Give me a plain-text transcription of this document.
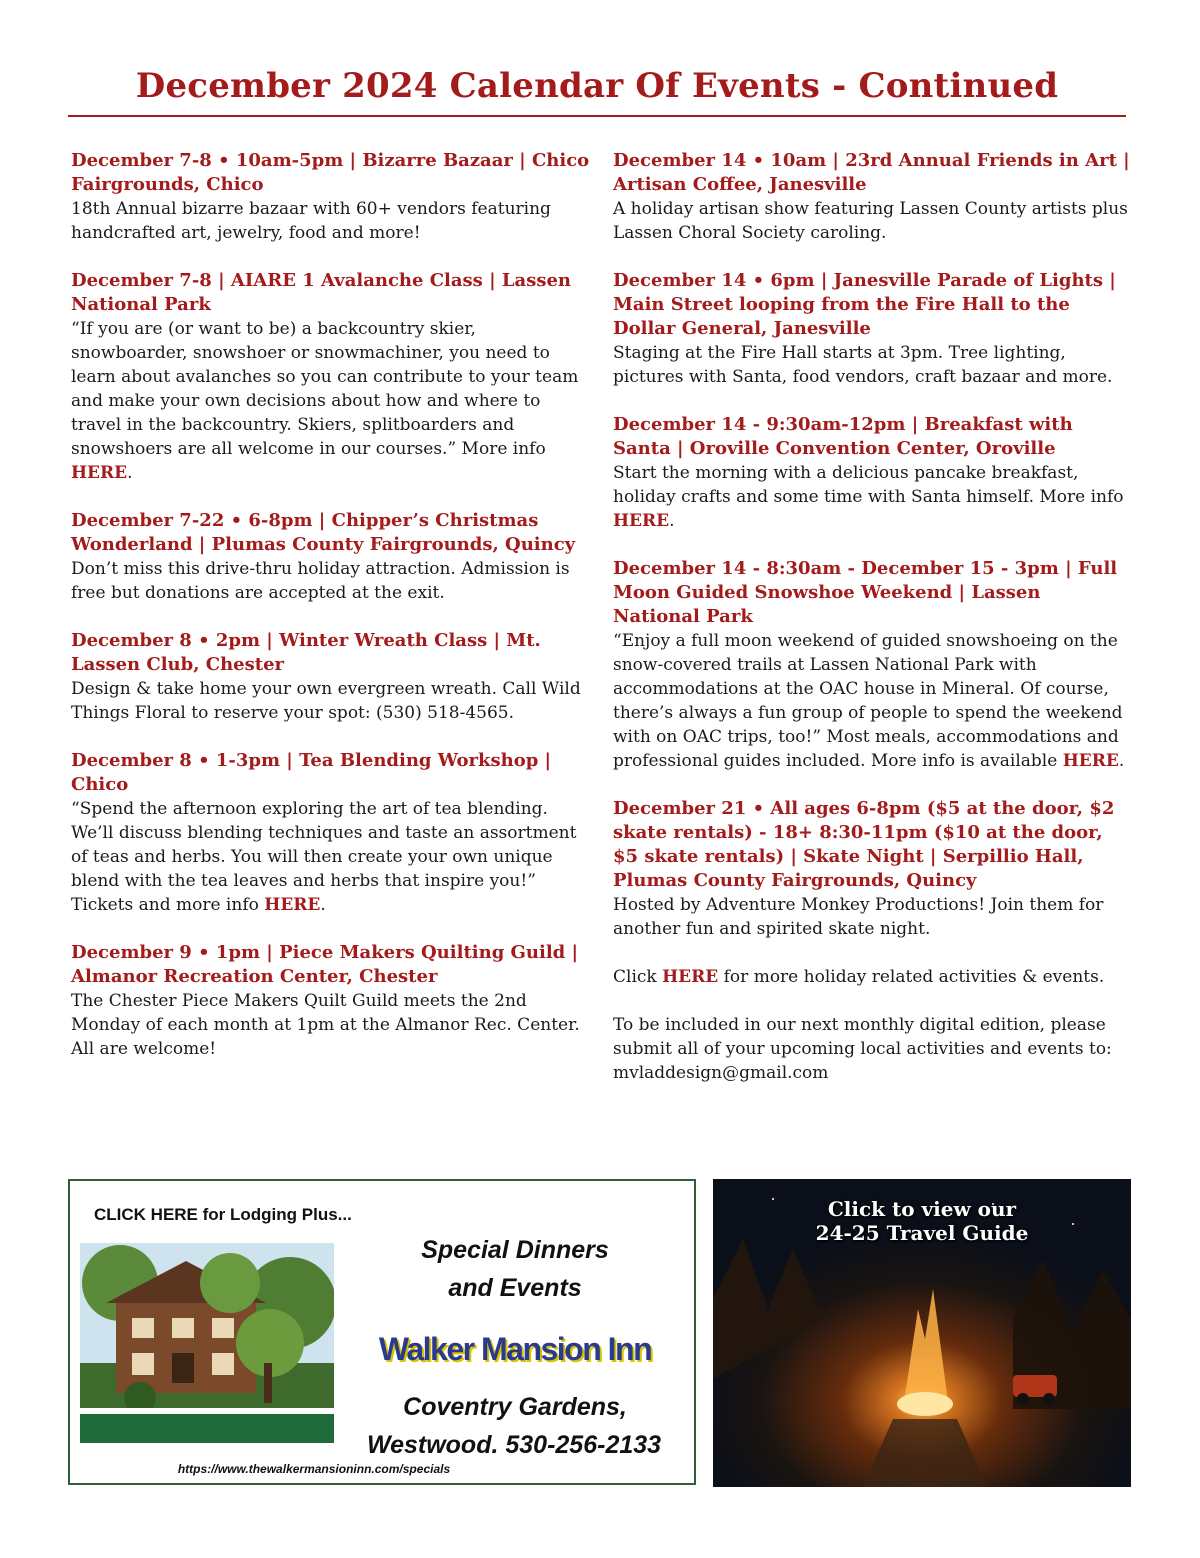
December 2024 Calendar Of Events - Continued

December 7-8 • 10am-5pm | Bizarre Bazaar | Chico Fairgrounds, Chico

18th Annual bizarre bazaar with 60+ vendors featuring handcrafted art, jewelry, food and more!

December 7-8 | AIARE 1 Avalanche Class | Lassen National Park

“If you are (or want to be) a backcountry skier, snowboarder, snowshoer or snowmachiner, you need to learn about avalanches so you can contribute to your team and make your own decisions about how and where to travel in the backcountry. Skiers, splitboarders and snowshoers are all welcome in our courses.” More info HERE.

December 7-22 • 6-8pm | Chipper’s Christmas Wonderland | Plumas County Fairgrounds, Quincy

Don’t miss this drive-thru holiday attraction. Admission is free but donations are accepted at the exit.

December 8 • 2pm | Winter Wreath Class | Mt. Lassen Club, Chester

Design & take home your own evergreen wreath. Call Wild Things Floral to reserve your spot: (530) 518-4565.

December 8 • 1-3pm | Tea Blending Workshop | Chico

“Spend the afternoon exploring the art of tea blending. We’ll discuss blending techniques and taste an assortment of teas and herbs. You will then create your own unique blend with the tea leaves and herbs that inspire you!” Tickets and more info HERE.

December 9 • 1pm | Piece Makers Quilting Guild | Almanor Recreation Center, Chester

The Chester Piece Makers Quilt Guild meets the 2nd Monday of each month at 1pm at the Almanor Rec. Center. All are welcome!

December 14 • 10am | 23rd Annual Friends in Art | Artisan Coffee, Janesville

A holiday artisan show featuring Lassen County artists plus Lassen Choral Society caroling.

December 14 • 6pm | Janesville Parade of Lights | Main Street looping from the Fire Hall to the Dollar General, Janesville

Staging at the Fire Hall starts at 3pm. Tree lighting, pictures with Santa, food vendors, craft bazaar and more.

December 14 - 9:30am-12pm | Breakfast with Santa | Oroville Convention Center, Oroville

Start the morning with a delicious pancake breakfast, holiday crafts and some time with Santa himself. More info HERE.

December 14 - 8:30am - December 15 - 3pm | Full Moon Guided Snowshoe Weekend | Lassen National Park

“Enjoy a full moon weekend of guided snowshoeing on the snow-covered trails at Lassen National Park with accommodations at the OAC house in Mineral. Of course, there’s always a fun group of people to spend the weekend with on OAC trips, too!” Most meals, accommodations and professional guides included. More info is available HERE.

December 21 • All ages 6-8pm ($5 at the door, $2 skate rentals) - 18+ 8:30-11pm ($10 at the door, $5 skate rentals) | Skate Night | Serpillio Hall, Plumas County Fairgrounds, Quincy

Hosted by Adventure Monkey Productions! Join them for another fun and spirited skate night.

Click HERE for more holiday related activities & events.

To be included in our next monthly digital edition, please submit all of your upcoming local activities and events to: mvladdesign@gmail.com

CLICK HERE for Lodging Plus...
Special Dinners
and Events
Walker Mansion Inn
Coventry Gardens,
Westwood. 530-256-2133
https://www.thewalkermansioninn.com/specials
Click to view our
24-25 Travel Guide
